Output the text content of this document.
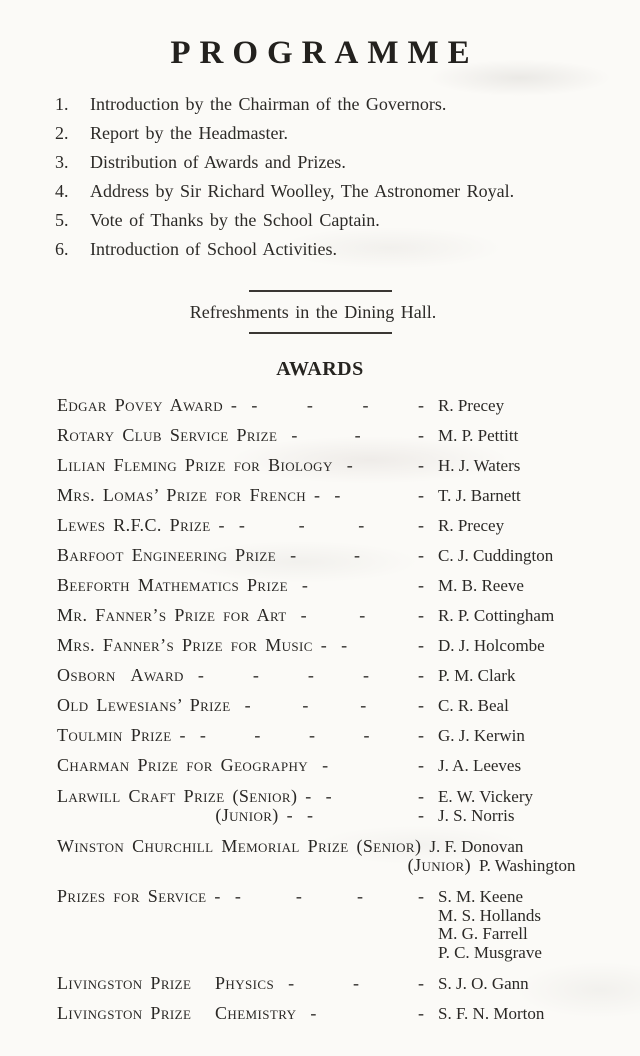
PROGRAMME
1.	Introduction by the Chairman of the Governors.
2.	Report by the Headmaster.
3.	Distribution of Awards and Prizes.
4.	Address by Sir Richard Woolley, The Astronomer Royal.
5.	Vote of Thanks by the School Captain.
6.	Introduction of School Activities.
Refreshments in the Dining Hall.
AWARDS
Edgar Povey Award - - - - - R. Precey
Rotary Club Service Prize - - - M. P. Pettitt
Lilian Fleming Prize for Biology - - H. J. Waters
Mrs. Lomas’ Prize for French - - - T. J. Barnett
Lewes R.F.C. Prize - - - - - R. Precey
Barfoot Engineering Prize - - - C. J. Cuddington
Beeforth Mathematics Prize - - M. B. Reeve
Mr. Fanner’s Prize for Art - - - R. P. Cottingham
Mrs. Fanner’s Prize for Music - - - D. J. Holcombe
Osborn  Award - - - - - P. M. Clark
Old Lewesians’ Prize - - - - C. R. Beal
Toulmin Prize - - - - - - G. J. Kerwin
Charman Prize for Geography - - J. A. Leeves
Larwill Craft Prize (Senior) - - - E. W. Vickery
(Junior) - - - J. S. Norris
Winston Churchill Memorial Prize (Senior) J. F. Donovan
(Junior) P. Washington
Prizes for Service - - - - - S. M. Keene
M. S. Hollands
M. G. Farrell
P. C. Musgrave
Livingston Prize   Physics - - - S. J. O. Gann
Livingston Prize   Chemistry - - S. F. N. Morton
